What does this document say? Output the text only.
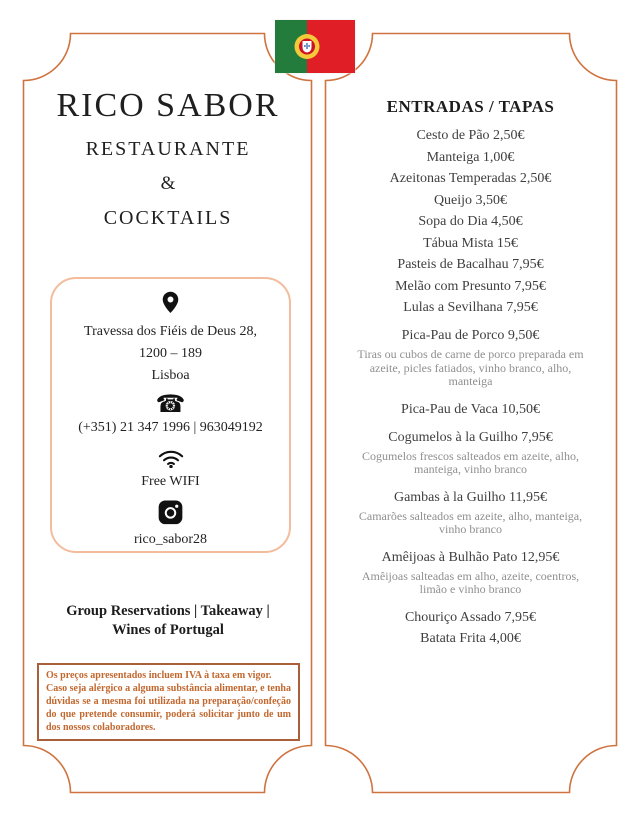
RICO SABOR
RESTAURANTE
&
COCKTAILS
Travessa dos Fiéis de Deus 28,
1200 – 189
Lisboa
☎
(+351) 21 347 1996 | 963049192
Free WIFI
rico_sabor28
Group Reservations | Takeaway |
Wines of Portugal
Os preços apresentados incluem IVA à taxa em vigor.
Caso seja alérgico a alguma substância alimentar, e tenha dúvidas se a mesma foi utilizada na preparação/confeção do que pretende consumir, poderá solicitar junto de um dos nossos colaboradores.
ENTRADAS / TAPAS
Cesto de Pão 2,50€
Manteiga 1,00€
Azeitonas Temperadas 2,50€
Queijo 3,50€
Sopa do Dia 4,50€
Tábua Mista 15€
Pasteis de Bacalhau 7,95€
Melão com Presunto 7,95€
Lulas a Sevilhana 7,95€
Pica-Pau de Porco 9,50€
Tiras ou cubos de carne de porco preparada em azeite, picles fatiados, vinho branco, alho, manteiga
Pica-Pau de Vaca 10,50€
Cogumelos à la Guilho 7,95€
Cogumelos frescos salteados em azeite, alho, manteiga, vinho branco
Gambas à la Guilho 11,95€
Camarões salteados em azeite, alho, manteiga, vinho branco
Amêijoas à Bulhão Pato 12,95€
Amêijoas salteadas em alho, azeite, coentros, limão e vinho branco
Chouriço Assado 7,95€
Batata Frita 4,00€
